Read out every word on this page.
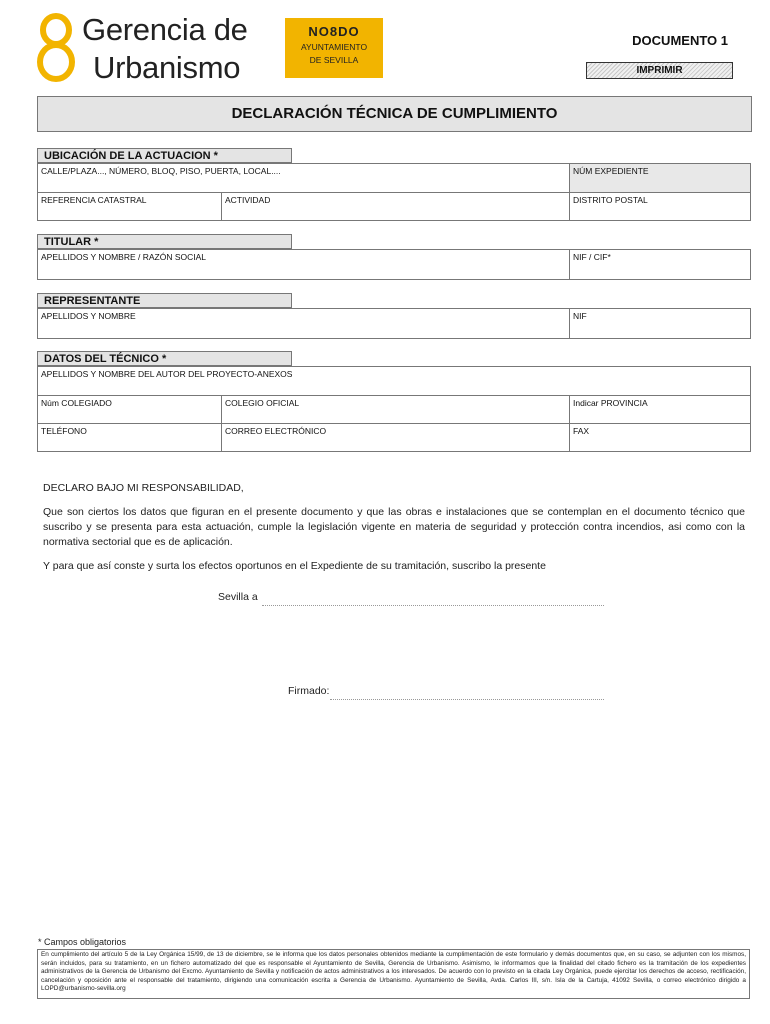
Gerencia de
Urbanismo
NO8DO
AYUNTAMIENTO
DE SEVILLA
DOCUMENTO 1
IMPRIMIR
DECLARACIÓN TÉCNICA DE CUMPLIMIENTO
UBICACIÓN DE LA ACTUACION *
CALLE/PLAZA..., NÚMERO, BLOQ, PISO, PUERTA, LOCAL....	NÚM EXPEDIENTE
REFERENCIA CATASTRAL	ACTIVIDAD	DISTRITO POSTAL
TITULAR *
APELLIDOS Y NOMBRE / RAZÓN SOCIAL	NIF / CIF*
REPRESENTANTE
APELLIDOS Y NOMBRE	NIF
DATOS DEL TÉCNICO *
APELLIDOS Y NOMBRE DEL AUTOR DEL PROYECTO-ANEXOS
Núm COLEGIADO	COLEGIO OFICIAL	Indicar PROVINCIA
TELÉFONO	CORREO ELECTRÓNICO	FAX
DECLARO BAJO MI RESPONSABILIDAD,
Que son ciertos los datos que figuran en el presente documento y que las obras e instalaciones que se contemplan en el documento técnico que suscribo y se presenta para esta actuación, cumple la legislación vigente en materia de seguridad y protección contra incendios, asi como con la normativa sectorial que es de aplicación.
Y para que así conste y surta los efectos oportunos en el Expediente de su tramitación, suscribo la presente
Sevilla a
Firmado:
* Campos obligatorios
En cumplimiento del artículo 5 de la Ley Orgánica 15/99, de 13 de diciembre, se le informa que los datos personales obtenidos mediante la cumplimentación de este formulario y demás documentos que, en su caso, se adjunten con los mismos, serán incluidos, para su tratamiento, en un fichero automatizado del que es responsable el Ayuntamiento de Sevilla, Gerencia de Urbanismo. Asimismo, le informamos que la finalidad del citado fichero es la tramitación de los expedientes administrativos de la Gerencia de Urbanismo del Excmo. Ayuntamiento de Sevilla y notificación de actos administrativos a los interesados. De acuerdo con lo previsto en la citada Ley Orgánica, puede ejercitar los derechos de acceso, rectificación, cancelación y oposición ante el responsable del tratamiento, dirigiendo una comunicación escrita a Gerencia de Urbanismo. Ayuntamiento de Sevilla, Avda. Carlos III, s/n. Isla de la Cartuja, 41092 Sevilla, o correo electrónico dirigido a LOPD@urbanismo-sevilla.org
